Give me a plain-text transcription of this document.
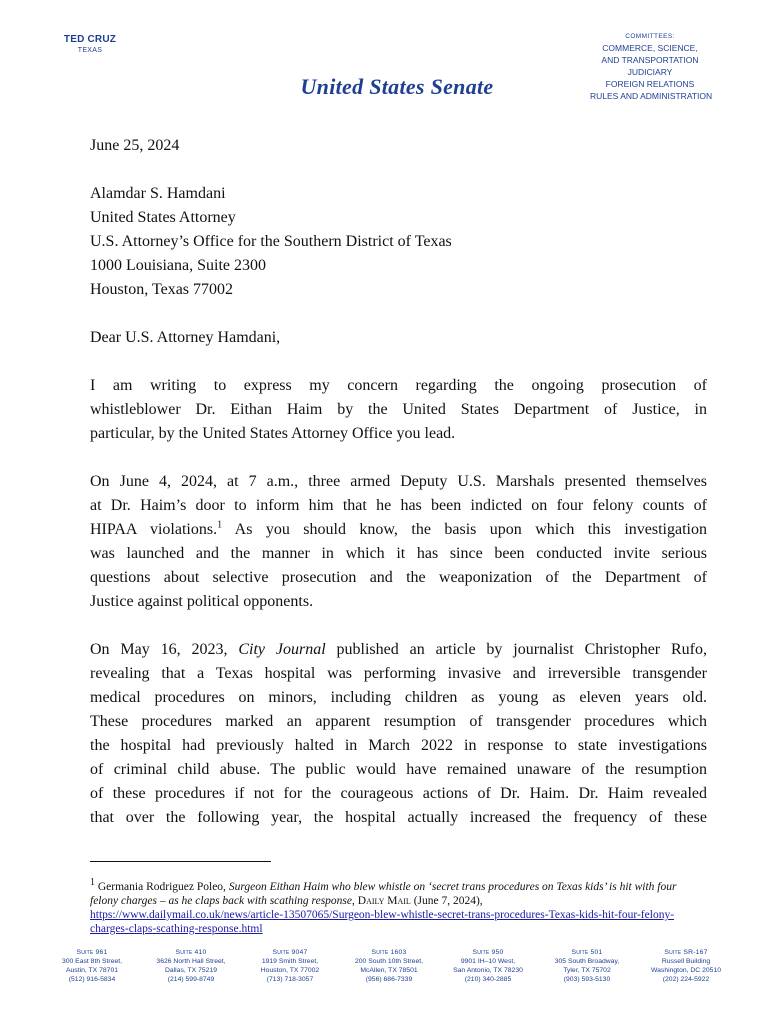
TED CRUZ
TEXAS
United States Senate
COMMITTEES:
COMMERCE, SCIENCE,
AND TRANSPORTATION
JUDICIARY
FOREIGN RELATIONS
RULES AND ADMINISTRATION
June 25, 2024
Alamdar S. Hamdani
United States Attorney
U.S. Attorney’s Office for the Southern District of Texas
1000 Louisiana, Suite 2300
Houston, Texas 77002
Dear U.S. Attorney Hamdani,
I am writing to express my concern regarding the ongoing prosecution of
whistleblower Dr. Eithan Haim by the United States Department of Justice, in
particular, by the United States Attorney Office you lead.
On June 4, 2024, at 7 a.m., three armed Deputy U.S. Marshals presented themselves
at Dr. Haim’s door to inform him that he has been indicted on four felony counts of
HIPAA violations.$^1$ As you should know, the basis upon which this investigation
was launched and the manner in which it has since been conducted invite serious
questions about selective prosecution and the weaponization of the Department of
Justice against political opponents.
On May 16, 2023, City Journal published an article by journalist Christopher Rufo,
revealing that a Texas hospital was performing invasive and irreversible transgender
medical procedures on minors, including children as young as eleven years old.
These procedures marked an apparent resumption of transgender procedures which
the hospital had previously halted in March 2022 in response to state investigations
of criminal child abuse. The public would have remained unaware of the resumption
of these procedures if not for the courageous actions of Dr. Haim. Dr. Haim revealed
that over the following year, the hospital actually increased the frequency of these
$^1$ Germania Rodriguez Poleo, Surgeon Eithan Haim who blew whistle on ‘secret trans procedures on Texas kids’ is hit with four felony charges – as he claps back with scathing response, Daily Mail (June 7, 2024),
https://www.dailymail.co.uk/news/article-13507065/Surgeon-blew-whistle-secret-trans-procedures-Texas-kids-hit-four-felony-charges-claps-scathing-response.html
Suite 961
300 East 8th Street,
Austin, TX 78701
(512) 916-5834
Suite 410
3626 North Hall Street,
Dallas, TX 75219
(214) 599-8749
Suite 9047
1919 Smith Street,
Houston, TX 77002
(713) 718-3057
Suite 1603
200 South 10th Street,
McAllen, TX 78501
(956) 686-7339
Suite 950
9901 IH–10 West,
San Antonio, TX 78230
(210) 340-2885
Suite 501
305 South Broadway,
Tyler, TX 75702
(903) 593-5130
Suite SR-167
Russell Building
Washington, DC 20510
(202) 224-5922
